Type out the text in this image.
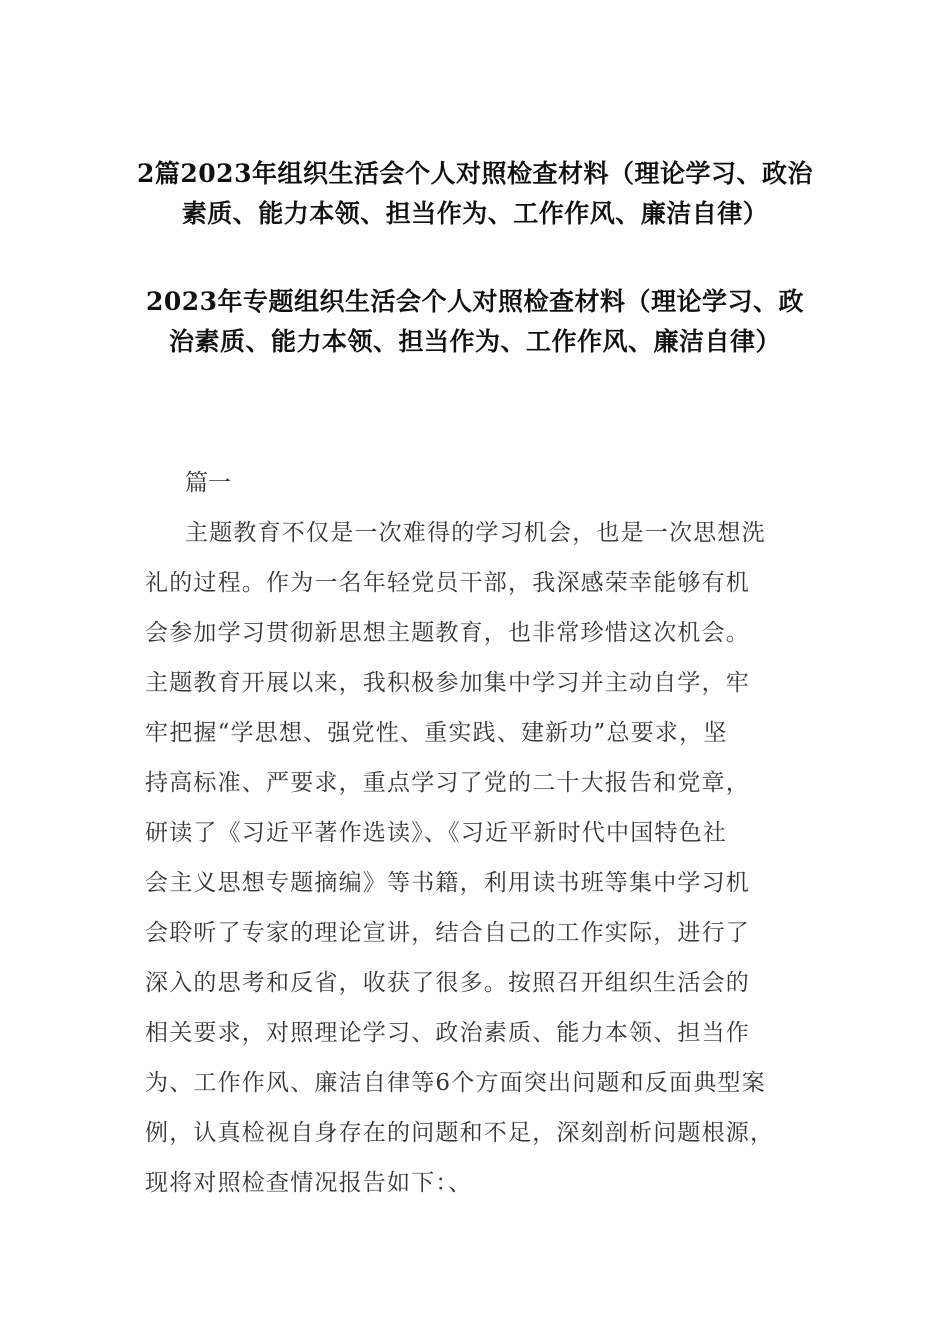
2篇2023年组织生活会个人对照检查材料（理论学习、政治
素质、能力本领、担当作为、工作作风、廉洁自律）
2023年专题组织生活会个人对照检查材料（理论学习、政
治素质、能力本领、担当作为、工作作风、廉洁自律）
篇一
主题教育不仅是一次难得的学习机会，也是一次思想洗
礼的过程。作为一名年轻党员干部，我深感荣幸能够有机
会参加学习贯彻新思想主题教育，也非常珍惜这次机会。
主题教育开展以来，我积极参加集中学习并主动自学，牢
牢把握“学思想、强党性、重实践、建新功”总要求，坚
持高标准、严要求，重点学习了党的二十大报告和党章，
研读了《习近平著作选读》、《习近平新时代中国特色社
会主义思想专题摘编》等书籍，利用读书班等集中学习机
会聆听了专家的理论宣讲，结合自己的工作实际，进行了
深入的思考和反省，收获了很多。按照召开组织生活会的
相关要求，对照理论学习、政治素质、能力本领、担当作
为、工作作风、廉洁自律等6个方面突出问题和反面典型案
例，认真检视自身存在的问题和不足，深刻剖析问题根源，
现将对照检查情况报告如下：、
